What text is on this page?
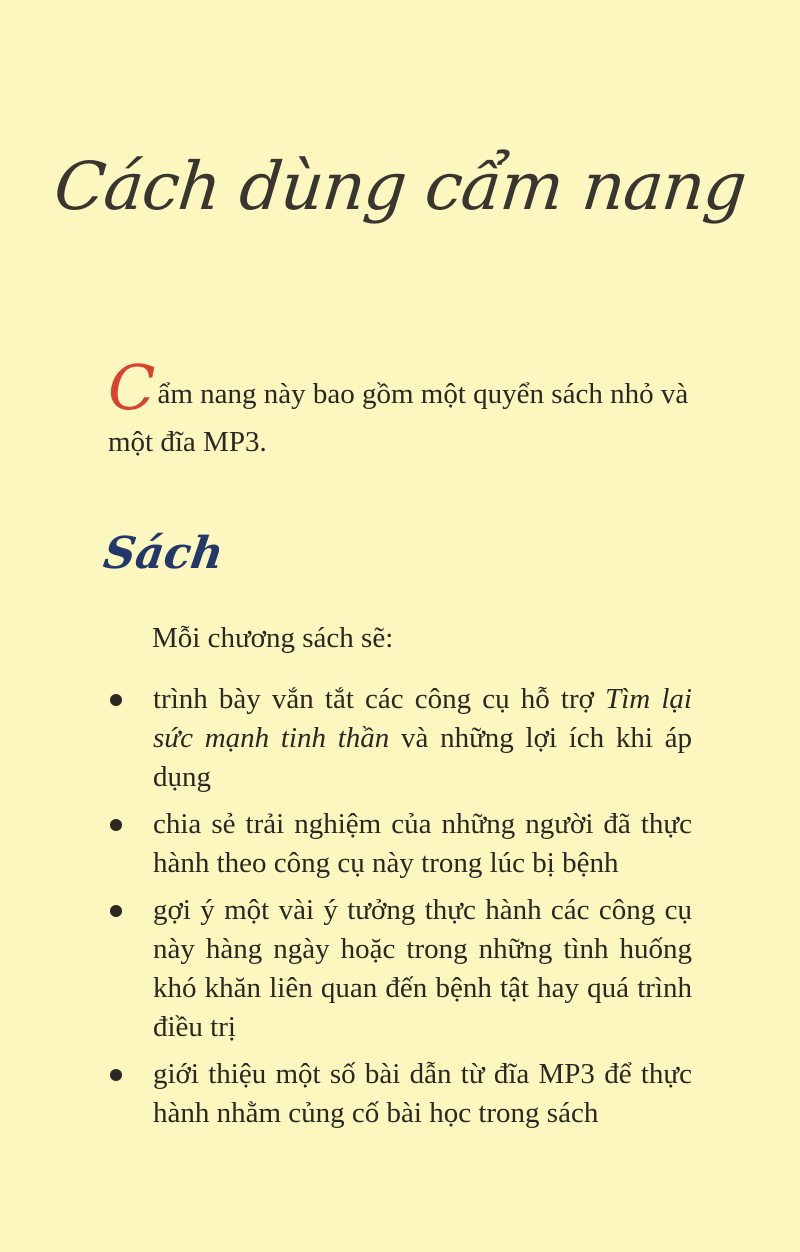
Cách dùng cẩm nang
Cẩm nang này bao gồm một quyển sách nhỏ và một đĩa MP3.
Sách
Mỗi chương sách sẽ:
trình bày vắn tắt các công cụ hỗ trợ Tìm lại sức mạnh tinh thần và những lợi ích khi áp dụng
chia sẻ trải nghiệm của những người đã thực hành theo công cụ này trong lúc bị bệnh
gợi ý một vài ý tưởng thực hành các công cụ này hàng ngày hoặc trong những tình huống khó khăn liên quan đến bệnh tật hay quá trình điều trị
giới thiệu một số bài dẫn từ đĩa MP3 để thực hành nhằm củng cố bài học trong sách
